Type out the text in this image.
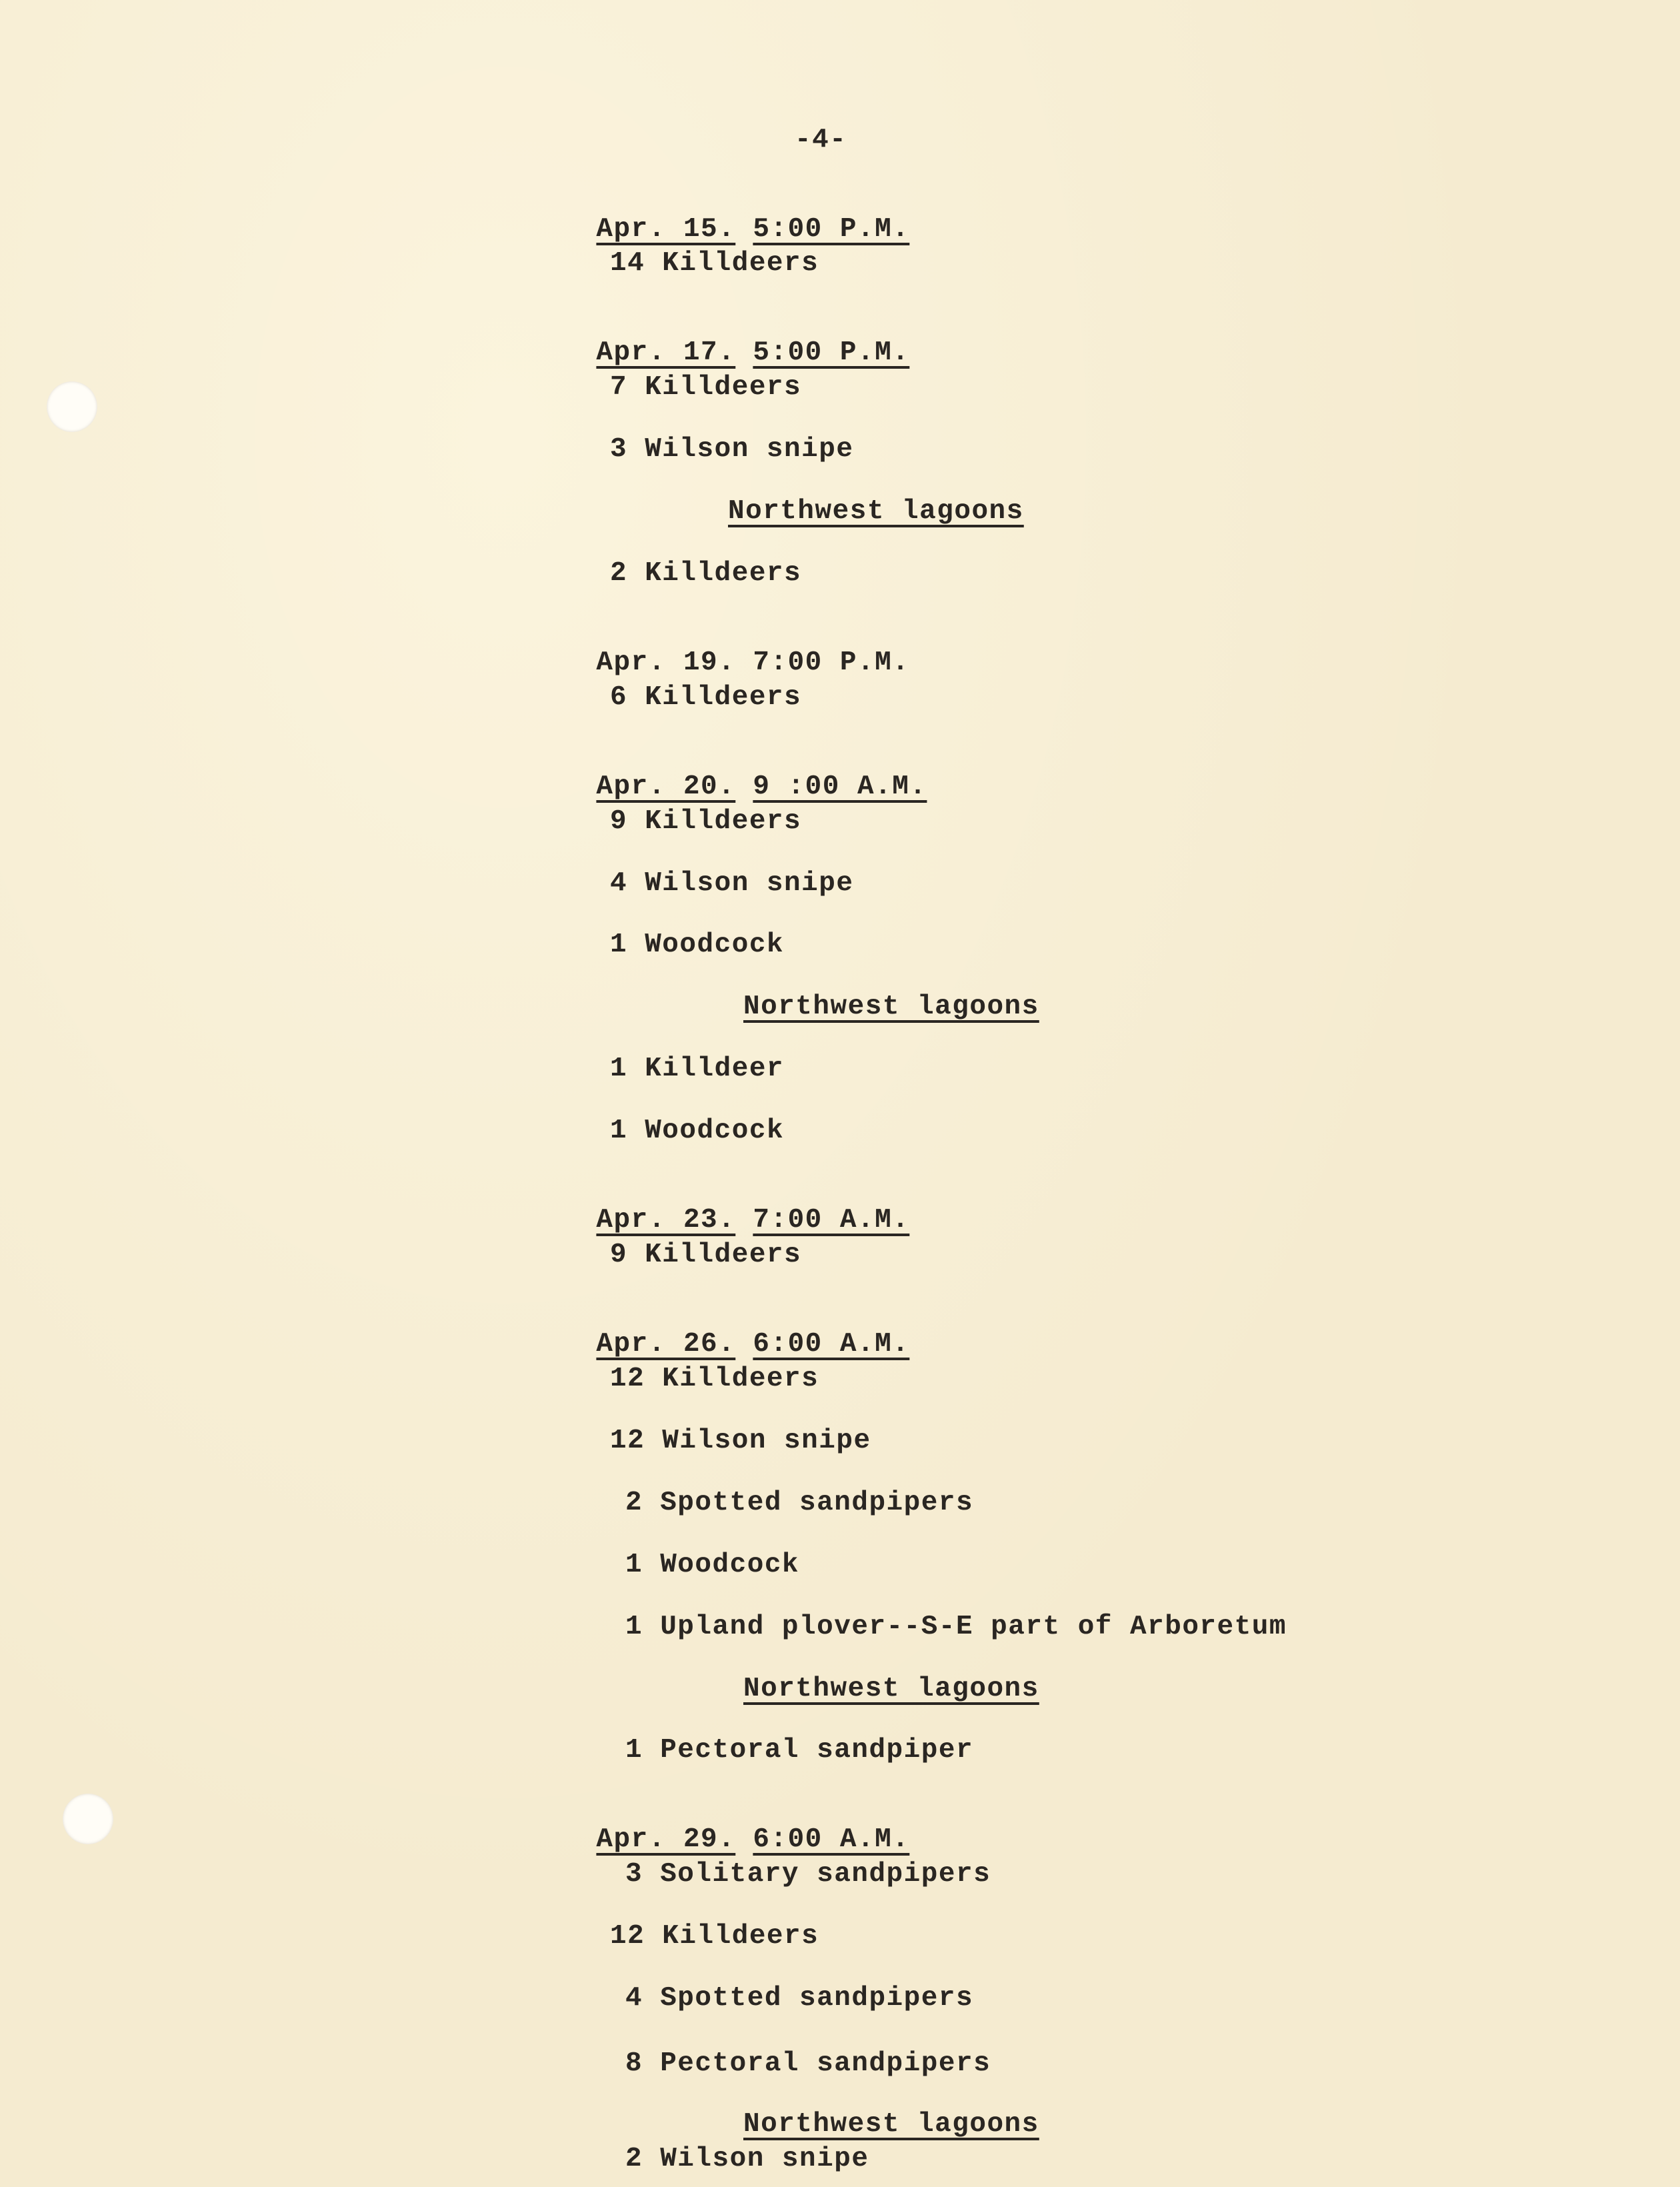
-4-

Apr. 15. 5:00 P.M.

14 Killdeers

Apr. 17. 5:00 P.M.

7 Killdeers
3 Wilson snipe
Northwest lagoons
2 Killdeers

Apr. 19. 7:00 P.M.

6 Killdeers

Apr. 20. 9 :00 A.M.

9 Killdeers
4 Wilson snipe
1 Woodcock
Northwest lagoons
1 Killdeer
1 Woodcock

Apr. 23. 7:00 A.M.

9 Killdeers

Apr. 26. 6:00 A.M.

12 Killdeers
12 Wilson snipe
2 Spotted sandpipers
1 Woodcock
1 Upland plover--S-E part of Arboretum
Northwest lagoons
1 Pectoral sandpiper

Apr. 29. 6:00 A.M.

3 Solitary sandpipers
12 Killdeers
4 Spotted sandpipers
8 Pectoral sandpipers
Northwest lagoons
2 Wilson snipe
